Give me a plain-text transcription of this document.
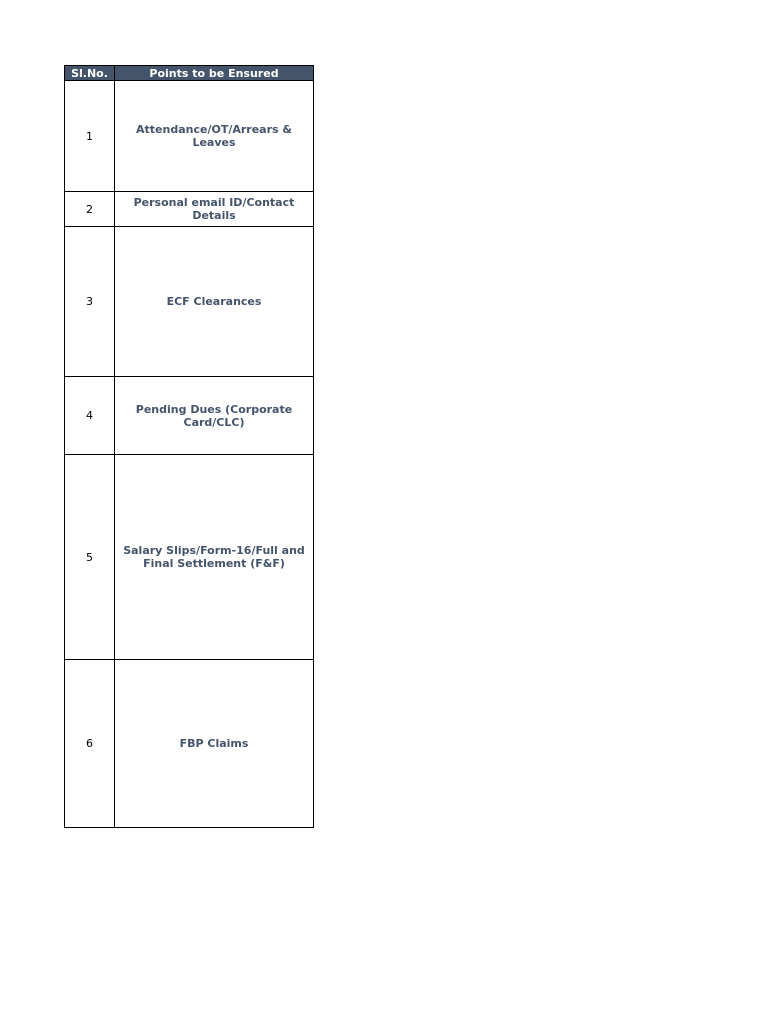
Sl.No.	Points to be Ensured
1	Attendance/OT/Arrears & Leaves
2	Personal email ID/Contact Details
3	ECF Clearances
4	Pending Dues (Corporate Card/CLC)
5	Salary Slips/Form-16/Full and Final Settlement (F&F)
6	FBP Claims
